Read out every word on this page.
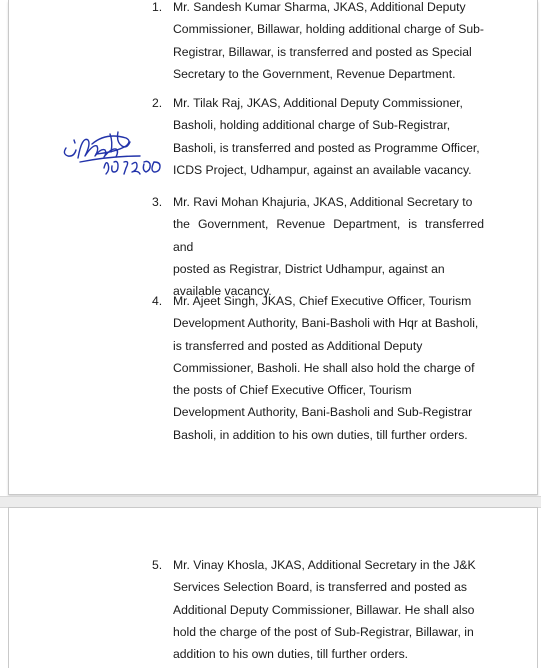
1. Mr. Sandesh Kumar Sharma, JKAS, Additional Deputy
Commissioner, Billawar, holding additional charge of Sub-
Registrar, Billawar, is transferred and posted as Special
Secretary to the Government, Revenue Department.
2. Mr. Tilak Raj, JKAS, Additional Deputy Commissioner,
Basholi, holding additional charge of Sub-Registrar,
Basholi, is transferred and posted as Programme Officer,
ICDS Project, Udhampur, against an available vacancy.
3. Mr. Ravi Mohan Khajuria, JKAS, Additional Secretary to
the Government, Revenue Department, is transferred and
posted as Registrar, District Udhampur, against an
available vacancy.
4. Mr. Ajeet Singh, JKAS, Chief Executive Officer, Tourism
Development Authority, Bani-Basholi with Hqr at Basholi,
is transferred and posted as Additional Deputy
Commissioner, Basholi. He shall also hold the charge of
the posts of Chief Executive Officer, Tourism
Development Authority, Bani-Basholi and Sub-Registrar
Basholi, in addition to his own duties, till further orders.
5. Mr. Vinay Khosla, JKAS, Additional Secretary in the J&K
Services Selection Board, is transferred and posted as
Additional Deputy Commissioner, Billawar. He shall also
hold the charge of the post of Sub-Registrar, Billawar, in
addition to his own duties, till further orders.
